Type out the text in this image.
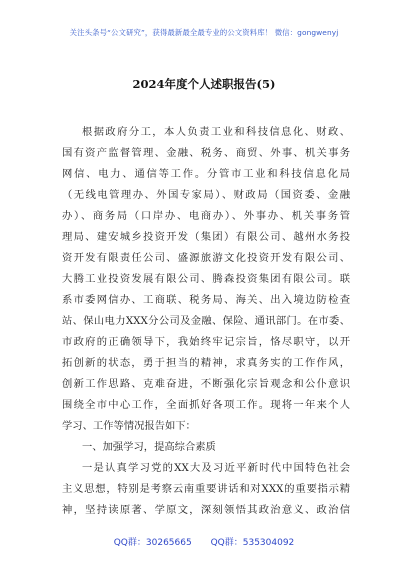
关注头条号“公文研究”，获得最新最全最专业的公文资料库！ 微信：gongwenyj
2024年度个人述职报告(5)
根据政府分工，本人负责工业和科技信息化、财政、
国有资产监督管理、金融、税务、商贸、外事、机关事务
网信、电力、通信等工作。分管市工业和科技信息化局
（无线电管理办、外国专家局）、财政局（国资委、金融
办）、商务局（口岸办、电商办）、外事办、机关事务管
理局、建安城乡投资开发（集团）有限公司、越州水务投
资开发有限责任公司、盛源旅游文化投资开发有限公司、
大腾工业投资发展有限公司、腾森投资集团有限公司。联
系市委网信办、工商联、税务局、海关、出入境边防检查
站、保山电力XXX分公司及金融、保险、通讯部门。在市委、
市政府的正确领导下，我始终牢记宗旨，恪尽职守，以开
拓创新的状态，勇于担当的精神，求真务实的工作作风，
创新工作思路、克难奋进，不断强化宗旨观念和公仆意识
围绕全市中心工作，全面抓好各项工作。现将一年来个人
学习、工作等情况报告如下：
一、加强学习，提高综合素质
一是认真学习党的XX大及习近平新时代中国特色社会
主义思想，特别是考察云南重要讲话和对XXX的重要指示精
神，坚持读原著、学原文，深刻领悟其政治意义、政治信
QQ群：30265665 QQ群：535304092
